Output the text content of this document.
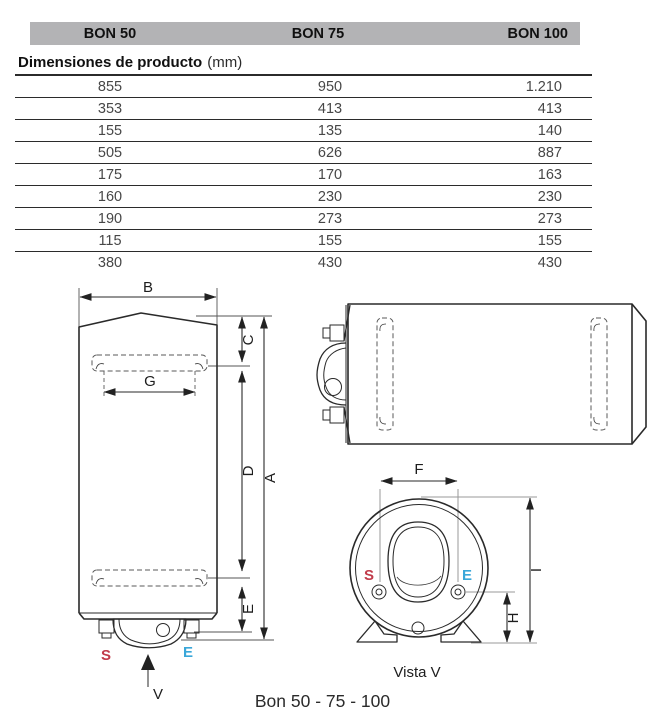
BON 50	BON 75	BON 100
Dimensiones de producto (mm)
855	950	1.210
353	413	413
155	135	140
505	626	887
175	170	163
160	230	230
190	273	273
115	155	155
380	430	430
B
G
C
D
E
A
S	E
V
F
I
H
S	E
Vista V
Bon 50 - 75 - 100
